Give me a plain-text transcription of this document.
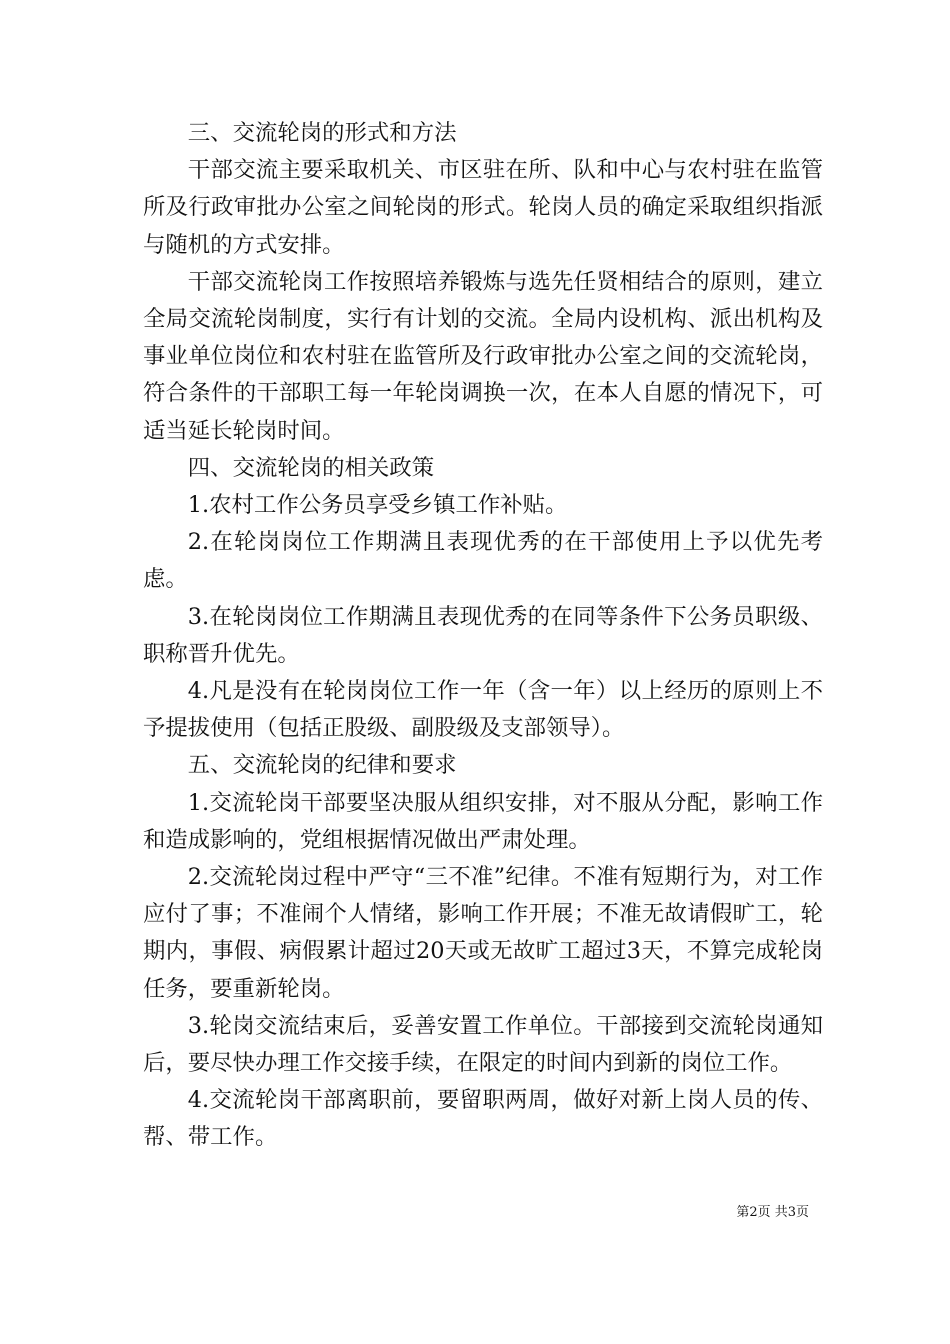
三、交流轮岗的形式和方法

干部交流主要采取机关、市区驻在所、队和中心与农村驻在监管所及行政审批办公室之间轮岗的形式。轮岗人员的确定采取组织指派与随机的方式安排。

干部交流轮岗工作按照培养锻炼与选先任贤相结合的原则，建立全局交流轮岗制度，实行有计划的交流。全局内设机构、派出机构及事业单位岗位和农村驻在监管所及行政审批办公室之间的交流轮岗，符合条件的干部职工每一年轮岗调换一次，在本人自愿的情况下，可适当延长轮岗时间。

四、交流轮岗的相关政策

1.农村工作公务员享受乡镇工作补贴。

2.在轮岗岗位工作期满且表现优秀的在干部使用上予以优先考虑。

3.在轮岗岗位工作期满且表现优秀的在同等条件下公务员职级、职称晋升优先。

4.凡是没有在轮岗岗位工作一年（含一年）以上经历的原则上不予提拔使用（包括正股级、副股级及支部领导）。

五、交流轮岗的纪律和要求

1.交流轮岗干部要坚决服从组织安排，对不服从分配，影响工作和造成影响的，党组根据情况做出严肃处理。

2.交流轮岗过程中严守“三不准”纪律。不准有短期行为，对工作应付了事；不准闹个人情绪，影响工作开展；不准无故请假旷工，轮期内，事假、病假累计超过20天或无故旷工超过3天，不算完成轮岗任务，要重新轮岗。

3.轮岗交流结束后，妥善安置工作单位。干部接到交流轮岗通知后，要尽快办理工作交接手续，在限定的时间内到新的岗位工作。

4.交流轮岗干部离职前，要留职两周，做好对新上岗人员的传、帮、带工作。

第2页 共3页
